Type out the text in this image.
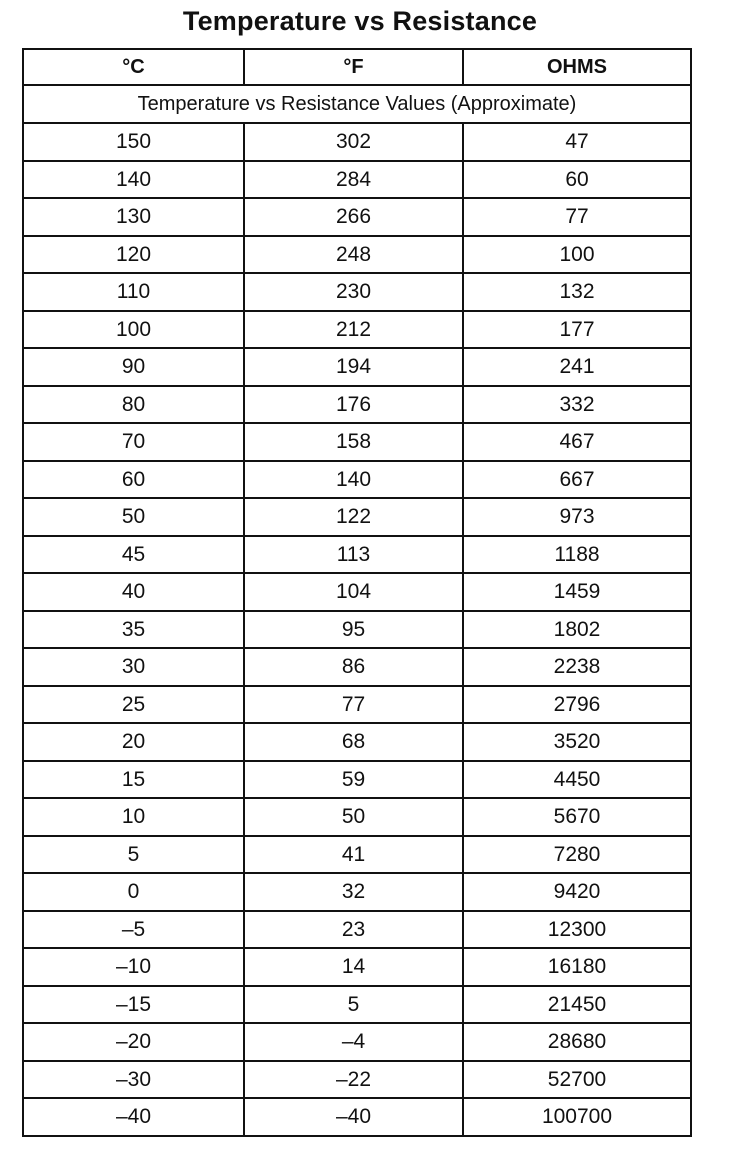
Temperature vs Resistance
°C	°F	OHMS
Temperature vs Resistance Values (Approximate)		
150	302	47
140	284	60
130	266	77
120	248	100
110	230	132
100	212	177
90	194	241
80	176	332
70	158	467
60	140	667
50	122	973
45	113	1188
40	104	1459
35	95	1802
30	86	2238
25	77	2796
20	68	3520
15	59	4450
10	50	5670
5	41	7280
0	32	9420
–5	23	12300
–10	14	16180
–15	5	21450
–20	–4	28680
–30	–22	52700
–40	–40	100700
